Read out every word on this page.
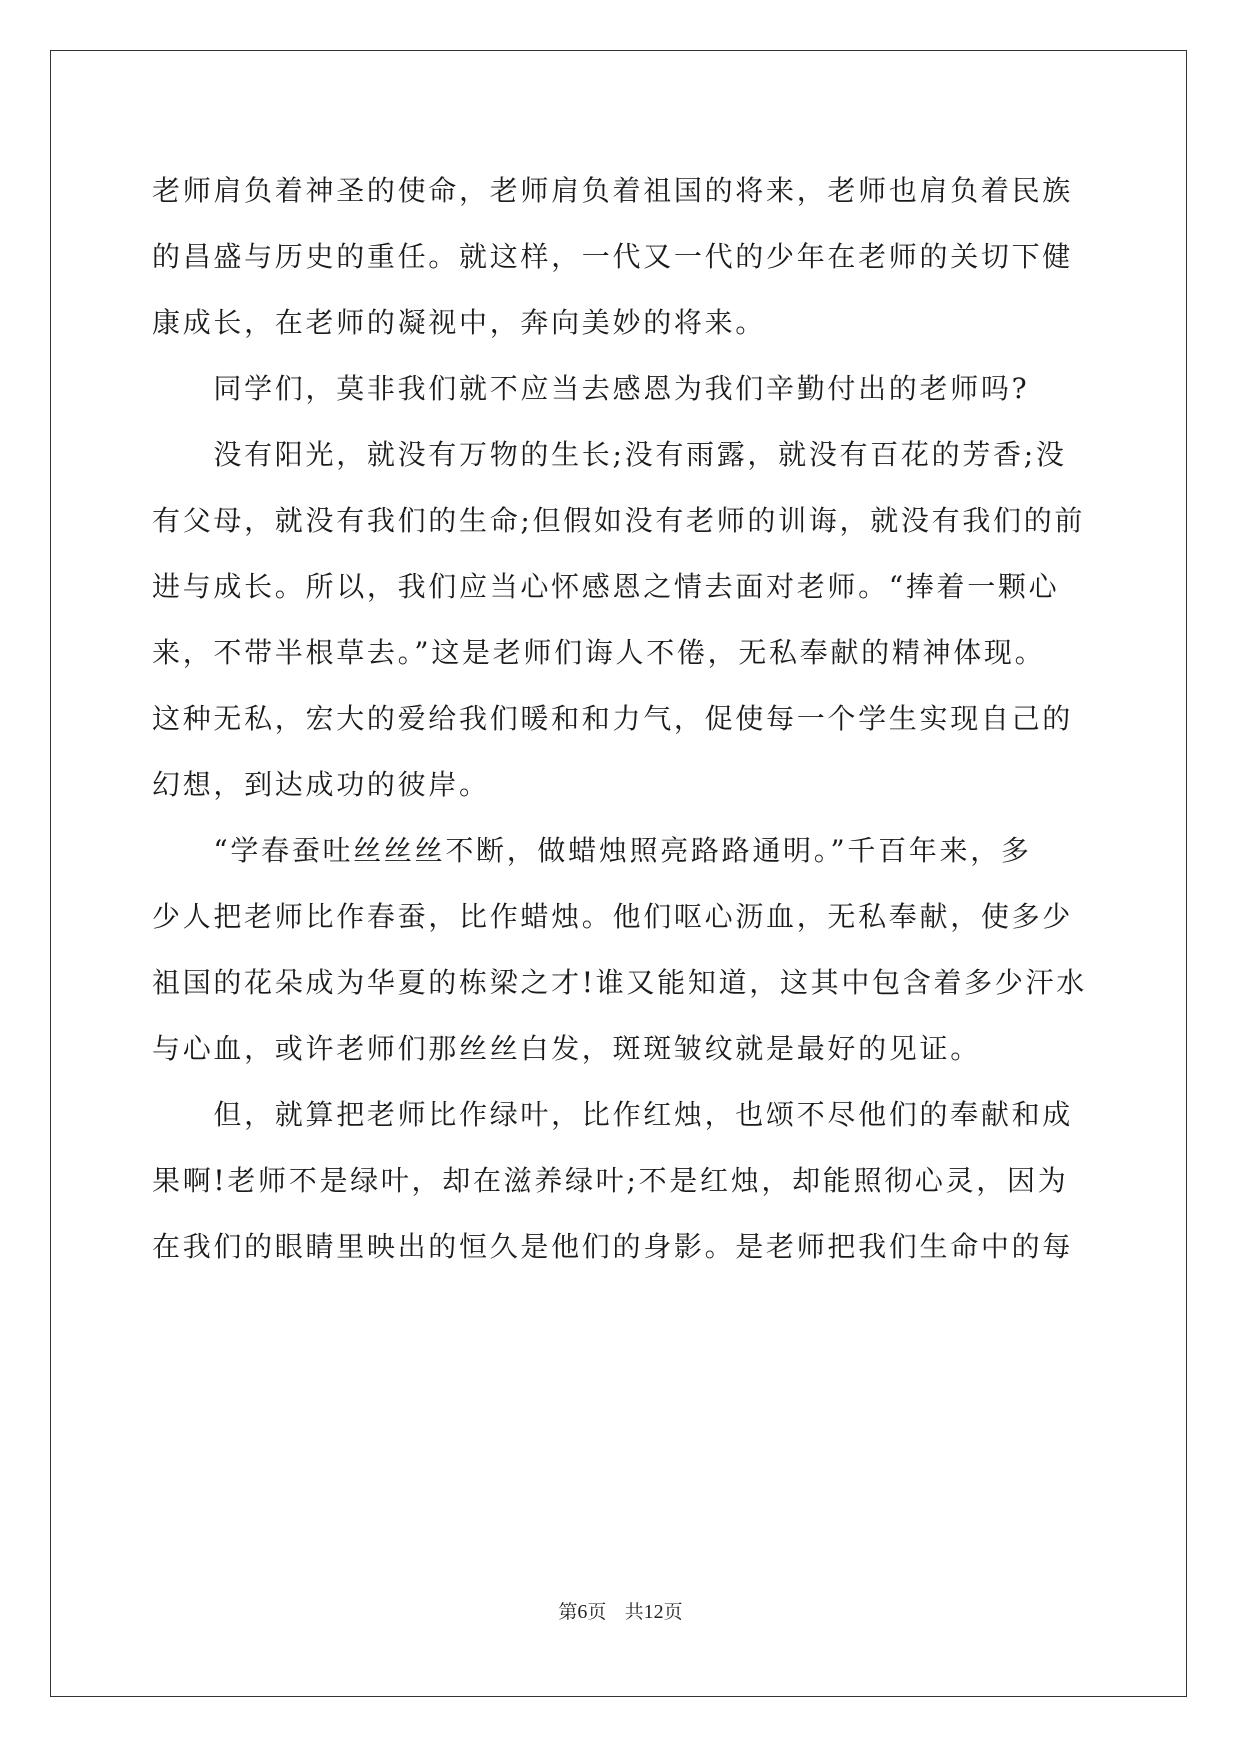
老师肩负着神圣的使命，老师肩负着祖国的将来，老师也肩负着民族
的昌盛与历史的重任。就这样，一代又一代的少年在老师的关切下健
康成长，在老师的凝视中，奔向美妙的将来。
　　同学们，莫非我们就不应当去感恩为我们辛勤付出的老师吗?
　　没有阳光，就没有万物的生长;没有雨露，就没有百花的芳香;没
有父母，就没有我们的生命;但假如没有老师的训诲，就没有我们的前
进与成长。所以，我们应当心怀感恩之情去面对老师。“捧着一颗心
来，不带半根草去。”这是老师们诲人不倦，无私奉献的精神体现。
这种无私，宏大的爱给我们暖和和力气，促使每一个学生实现自己的
幻想，到达成功的彼岸。
　　“学春蚕吐丝丝丝不断，做蜡烛照亮路路通明。”千百年来，多
少人把老师比作春蚕，比作蜡烛。他们呕心沥血，无私奉献，使多少
祖国的花朵成为华夏的栋梁之才!谁又能知道，这其中包含着多少汗水
与心血，或许老师们那丝丝白发，斑斑皱纹就是最好的见证。
　　但，就算把老师比作绿叶，比作红烛，也颂不尽他们的奉献和成
果啊!老师不是绿叶，却在滋养绿叶;不是红烛，却能照彻心灵，因为
在我们的眼睛里映出的恒久是他们的身影。是老师把我们生命中的每
第6页 共12页
